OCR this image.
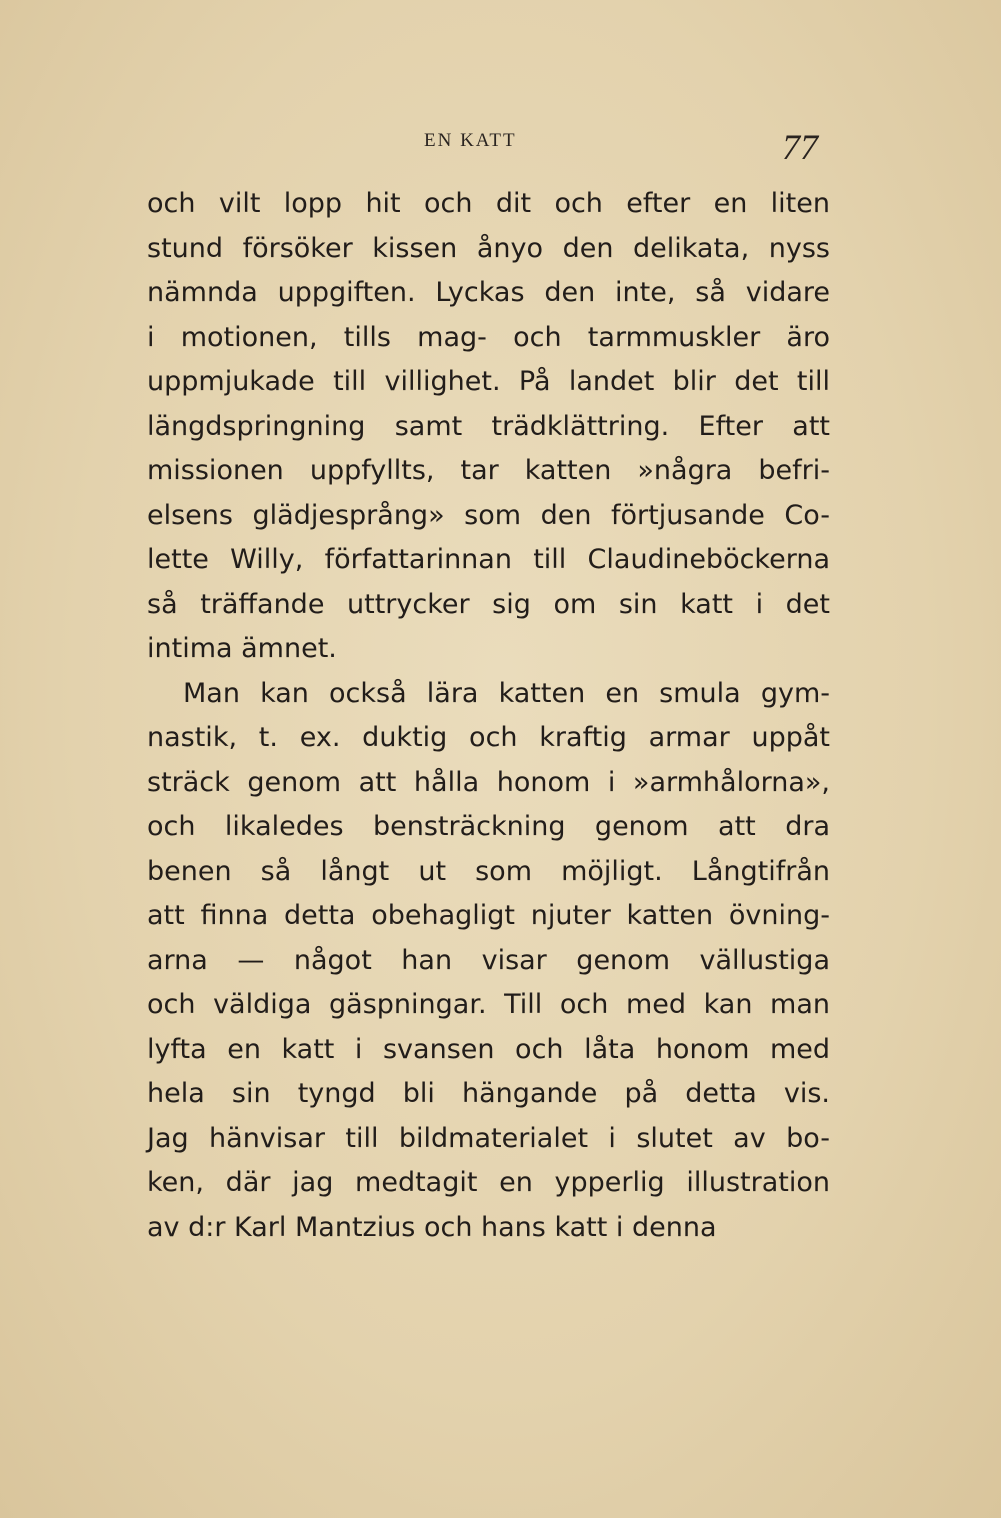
EN KATT	77
och vilt lopp hit och dit och efter en liten
stund försöker kissen ånyo den delikata, nyss
nämnda uppgiften. Lyckas den inte, så vidare
i motionen, tills mag- och tarmmuskler äro
uppmjukade till villighet. På landet blir det till
längdspringning samt trädklättring. Efter att
missionen uppfyllts, tar katten »några befri-
elsens glädjesprång» som den förtjusande Co-
lette Willy, författarinnan till Claudineböckerna
så träffande uttrycker sig om sin katt i det
intima ämnet.
Man kan också lära katten en smula gym-
nastik, t. ex. duktig och kraftig armar uppåt
sträck genom att hålla honom i »armhålorna»,
och likaledes bensträckning genom att dra
benen så långt ut som möjligt. Långtifrån
att finna detta obehagligt njuter katten övning-
arna — något han visar genom vällustiga
och väldiga gäspningar. Till och med kan man
lyfta en katt i svansen och låta honom med
hela sin tyngd bli hängande på detta vis.
Jag hänvisar till bildmaterialet i slutet av bo-
ken, där jag medtagit en ypperlig illustration
av d:r Karl Mantzius och hans katt i denna
